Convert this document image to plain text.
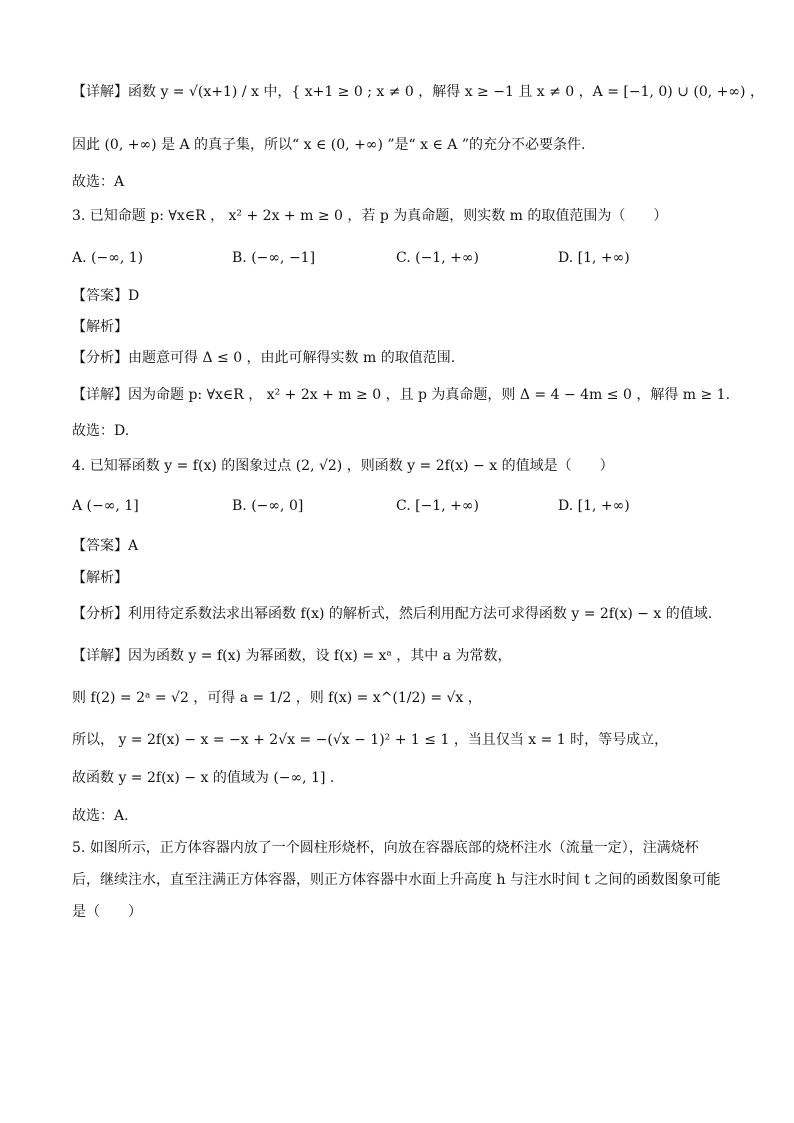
【详解】函数 y = √(x+1) / x 中，{ x+1 ≥ 0 ; x ≠ 0 ，解得 x ≥ −1 且 x ≠ 0 ，A = [−1, 0) ∪ (0, +∞) ，
因此 (0, +∞) 是 A 的真子集，所以“ x ∈ (0, +∞) ”是“ x ∈ A ”的充分不必要条件.
故选：A
3. 已知命题 p: ∀x∈R ， x² + 2x + m ≥ 0 ，若 p 为真命题，则实数 m 的取值范围为（　　）
A. (−∞, 1)	B. (−∞, −1]	C. (−1, +∞)	D. [1, +∞)
【答案】D
【解析】
【分析】由题意可得 Δ ≤ 0 ，由此可解得实数 m 的取值范围.
【详解】因为命题 p: ∀x∈R ， x² + 2x + m ≥ 0 ，且 p 为真命题，则 Δ = 4 − 4m ≤ 0 ，解得 m ≥ 1.
故选：D.
4. 已知幂函数 y = f(x) 的图象过点 (2, √2) ，则函数 y = 2f(x) − x 的值域是（　　）
A (−∞, 1]	B. (−∞, 0]	C. [−1, +∞)	D. [1, +∞)
【答案】A
【解析】
【分析】利用待定系数法求出幂函数 f(x) 的解析式，然后利用配方法可求得函数 y = 2f(x) − x 的值域.
【详解】因为函数 y = f(x) 为幂函数，设 f(x) = xᵃ ，其中 a 为常数，
则 f(2) = 2ᵃ = √2 ，可得 a = 1/2 ，则 f(x) = x^(1/2) = √x ，
所以， y = 2f(x) − x = −x + 2√x = −(√x − 1)² + 1 ≤ 1 ，当且仅当 x = 1 时，等号成立，
故函数 y = 2f(x) − x 的值域为 (−∞, 1] .
故选：A.
5. 如图所示，正方体容器内放了一个圆柱形烧杯，向放在容器底部的烧杯注水（流量一定），注满烧杯
后，继续注水，直至注满正方体容器，则正方体容器中水面上升高度 h 与注水时间 t 之间的函数图象可能
是（　　）
